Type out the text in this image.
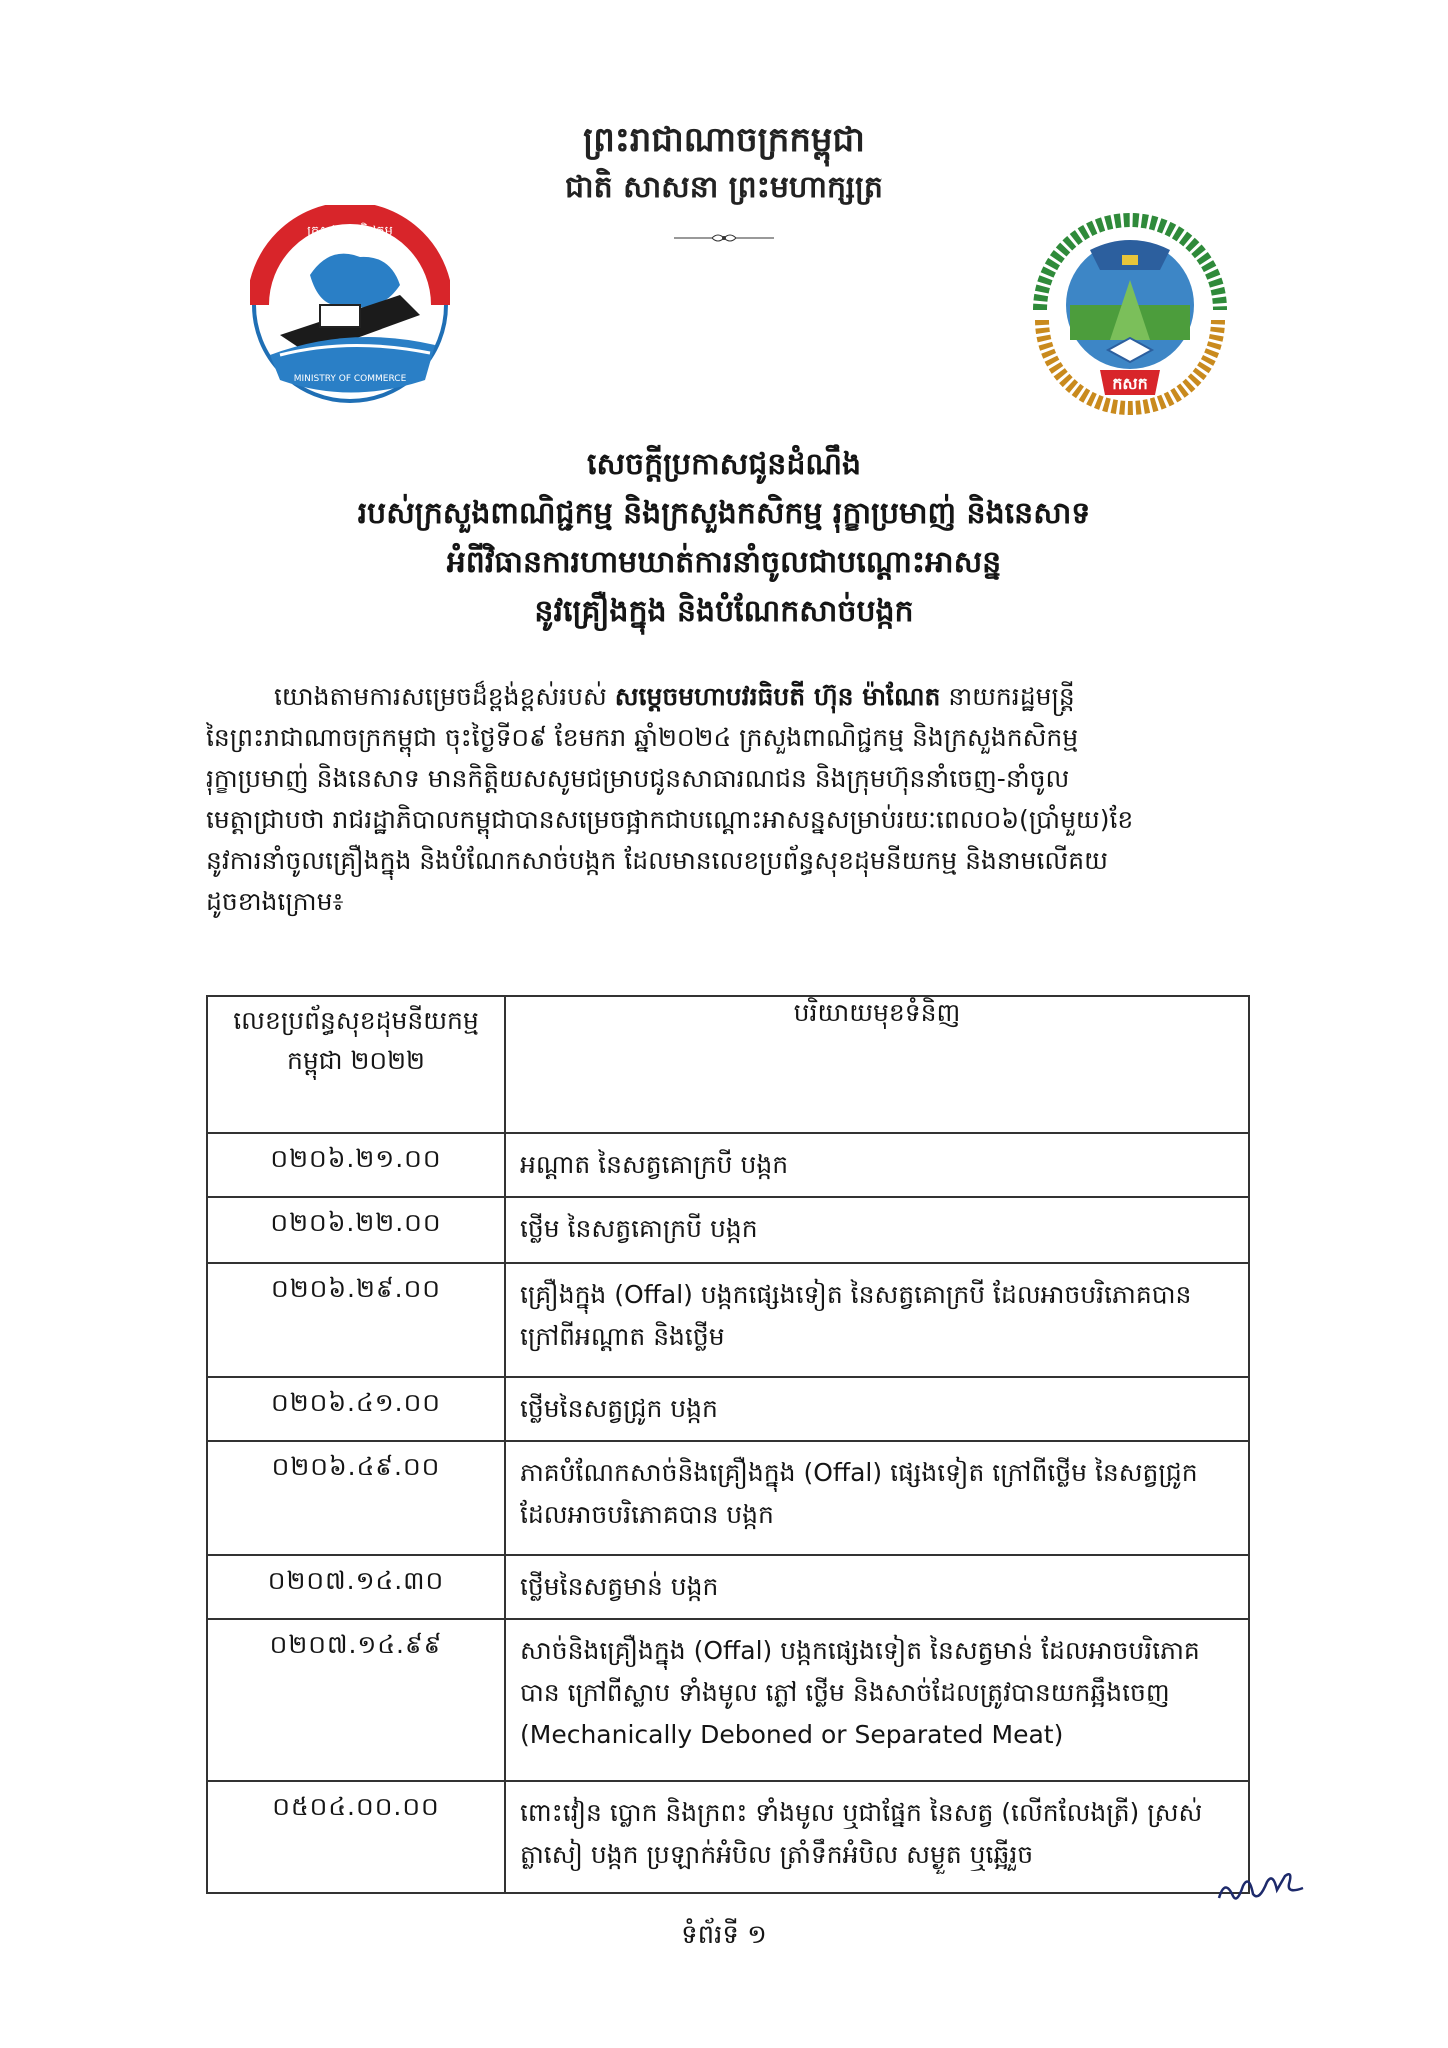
ព្រះរាជាណាចក្រកម្ពុជា
ជាតិ សាសនា ព្រះមហាក្សត្រ
MINISTRY OF COMMERCE
ក្រសួងពាណិជ្ជកម្ម
កសក
សេចក្តីប្រកាសជូនដំណឹង
របស់ក្រសួងពាណិជ្ជកម្ម និងក្រសួងកសិកម្ម រុក្ខាប្រមាញ់ និងនេសាទ
អំពីវិធានការហាមឃាត់ការនាំចូលជាបណ្តោះអាសន្ន
នូវគ្រឿងក្នុង និងបំណែកសាច់បង្កក
យោងតាមការសម្រេចដ៏ខ្ពង់ខ្ពស់របស់ សម្តេចមហាបវរធិបតី ហ៊ុន ម៉ាណែត នាយករដ្ឋមន្ត្រី
នៃព្រះរាជាណាចក្រកម្ពុជា ចុះថ្ងៃទី០៩ ខែមករា ឆ្នាំ២០២៤ ក្រសួងពាណិជ្ជកម្ម និងក្រសួងកសិកម្ម
រុក្ខាប្រមាញ់ និងនេសាទ មានកិត្តិយសសូមជម្រាបជូនសាធារណជន និងក្រុមហ៊ុននាំចេញ-នាំចូល
មេត្តាជ្រាបថា រាជរដ្ឋាភិបាលកម្ពុជាបានសម្រេចផ្អាកជាបណ្តោះអាសន្នសម្រាប់រយៈពេល០៦(ប្រាំមួយ)ខែ
នូវការនាំចូលគ្រឿងក្នុង និងបំណែកសាច់បង្កក ដែលមានលេខប្រព័ន្ធសុខដុមនីយកម្ម និងនាមលើគយ
ដូចខាងក្រោម៖
លេខប្រព័ន្ធសុខដុមនីយកម្ម
កម្ពុជា ២០២២	បរិយាយមុខទំនិញ
០២០៦.២១.០០	អណ្តាត នៃសត្វគោក្របី បង្កក
០២០៦.២២.០០	ថ្លើម នៃសត្វគោក្របី បង្កក
០២០៦.២៩.០០	គ្រឿងក្នុង (Offal) បង្កកផ្សេងទៀត នៃសត្វគោក្របី ដែលអាចបរិភោគបាន ក្រៅពីអណ្តាត និងថ្លើម
០២០៦.៤១.០០	ថ្លើមនៃសត្វជ្រូក បង្កក
០២០៦.៤៩.០០	ភាគបំណែកសាច់និងគ្រឿងក្នុង (Offal) ផ្សេងទៀត ក្រៅពីថ្លើម នៃសត្វជ្រូក ដែលអាចបរិភោគបាន បង្កក
០២០៧.១៤.៣០	ថ្លើមនៃសត្វមាន់ បង្កក
០២០៧.១៤.៩៩	សាច់និងគ្រឿងក្នុង (Offal) បង្កកផ្សេងទៀត នៃសត្វមាន់ ដែលអាចបរិភោគបាន ក្រៅពីស្លាប ទាំងមូល ភ្លៅ ថ្លើម និងសាច់ដែលត្រូវបានយកឆ្អឹងចេញ (Mechanically Deboned or Separated Meat)
០៥០៤.០០.០០	ពោះវៀន ប្លោក និងក្រពះ ទាំងមូល ឬជាផ្នែក នៃសត្វ (លើកលែងត្រី) ស្រស់ ត្លាសៀ បង្កក ប្រឡាក់អំបិល ត្រាំទឹកអំបិល សម្ងួត ឬឆ្អើរួច
ទំព័រទី ១
